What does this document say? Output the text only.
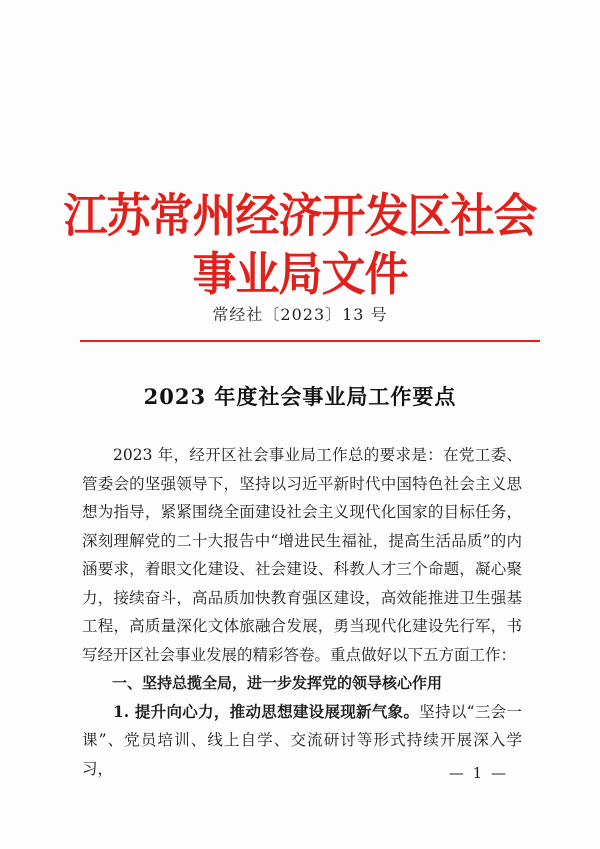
江苏常州经济开发区社会事业局文件
常经社〔2023〕13 号
2023 年度社会事业局工作要点

2023 年，经开区社会事业局工作总的要求是：在党工委、管委会的坚强领导下，坚持以习近平新时代中国特色社会主义思想为指导，紧紧围绕全面建设社会主义现代化国家的目标任务，深刻理解党的二十大报告中“增进民生福祉，提高生活品质”的内涵要求，着眼文化建设、社会建设、科教人才三个命题，凝心聚力，接续奋斗，高品质加快教育强区建设，高效能推进卫生强基工程，高质量深化文体旅融合发展，勇当现代化建设先行军，书写经开区社会事业发展的精彩答卷。重点做好以下五方面工作：

一、坚持总揽全局，进一步发挥党的领导核心作用

1. 提升向心力，推动思想建设展现新气象。坚持以“三会一课”、党员培训、线上自学、交流研讨等形式持续开展深入学习，	— 1 —
